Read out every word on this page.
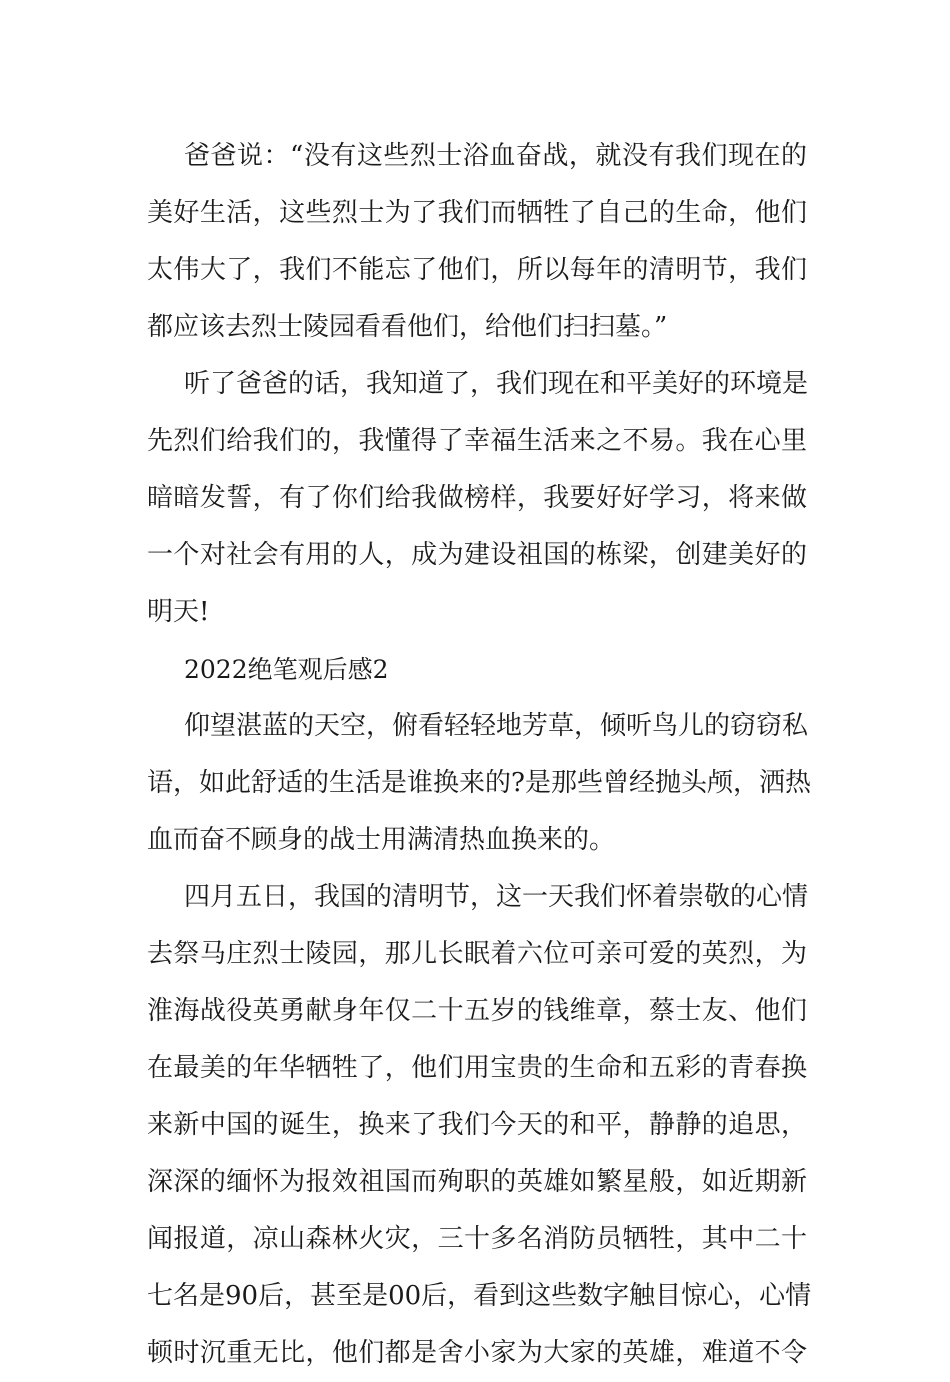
爸爸说：“没有这些烈士浴血奋战，就没有我们现在的
美好生活，这些烈士为了我们而牺牲了自己的生命，他们
太伟大了，我们不能忘了他们，所以每年的清明节，我们
都应该去烈士陵园看看他们，给他们扫扫墓。”
听了爸爸的话，我知道了，我们现在和平美好的环境是
先烈们给我们的，我懂得了幸福生活来之不易。我在心里
暗暗发誓，有了你们给我做榜样，我要好好学习，将来做
一个对社会有用的人，成为建设祖国的栋梁，创建美好的
明天!
2022绝笔观后感2
仰望湛蓝的天空，俯看轻轻地芳草，倾听鸟儿的窃窃私
语，如此舒适的生活是谁换来的?是那些曾经抛头颅，洒热
血而奋不顾身的战士用满清热血换来的。
四月五日，我国的清明节，这一天我们怀着崇敬的心情
去祭马庄烈士陵园，那儿长眠着六位可亲可爱的英烈，为
淮海战役英勇献身年仅二十五岁的钱维章，蔡士友、他们
在最美的年华牺牲了，他们用宝贵的生命和五彩的青春换
来新中国的诞生，换来了我们今天的和平，静静的追思，
深深的缅怀为报效祖国而殉职的英雄如繁星般，如近期新
闻报道，凉山森林火灾，三十多名消防员牺牲，其中二十
七名是90后，甚至是00后，看到这些数字触目惊心，心情
顿时沉重无比，他们都是舍小家为大家的英雄，难道不令
